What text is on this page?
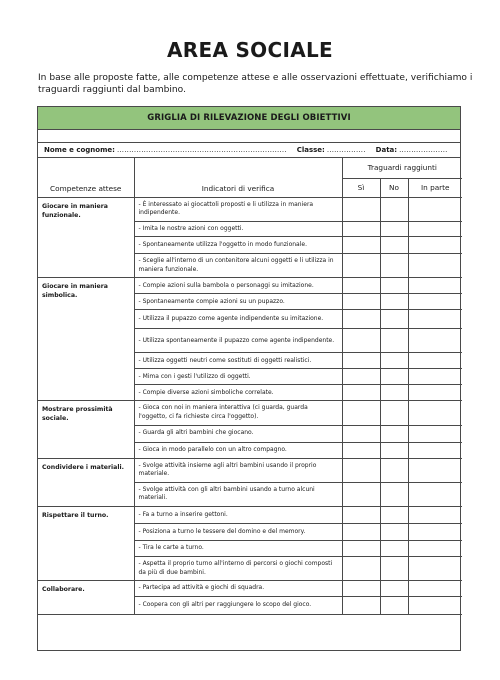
AREA SOCIALE

In base alle proposte fatte, alle competenze attese e alle osservazioni effettuate, verifichiamo i traguardi raggiunti dal bambino.

GRIGLIA DI RILEVAZIONE DEGLI OBIETTIVI
Nome e cognome: ...................................................................... Classe: ................ Data: ....................
Competenze attese	Indicatori di verifica	Traguardi raggiunti		
		Sì	No	In parte
Giocare in maniera funzionale.	- È interessato ai giocattoli proposti e li utilizza in maniera indipendente.			
	- Imita le nostre azioni con oggetti.			
	- Spontaneamente utilizza l'oggetto in modo funzionale.			
	- Sceglie all'interno di un contenitore alcuni oggetti e li utilizza in maniera funzionale.			
Giocare in maniera simbolica.	- Compie azioni sulla bambola o personaggi su imitazione.			
	- Spontaneamente compie azioni su un pupazzo.			
	- Utilizza il pupazzo come agente indipendente su imitazione.			
	- Utilizza spontaneamente il pupazzo come agente indipendente.			
	- Utilizza oggetti neutri come sostituti di oggetti realistici.			
	- Mima con i gesti l'utilizzo di oggetti.			
	- Compie diverse azioni simboliche correlate.			
Mostrare prossimità sociale.	- Gioca con noi in maniera interattiva (ci guarda, guarda l'oggetto, ci fa richieste circa l'oggetto).			
	- Guarda gli altri bambini che giocano.			
	- Gioca in modo parallelo con un altro compagno.			
Condividere i materiali.	- Svolge attività insieme agli altri bambini usando il proprio materiale.			
	- Svolge attività con gli altri bambini usando a turno alcuni materiali.			
Rispettare il turno.	- Fa a turno a inserire gettoni.			
	- Posiziona a turno le tessere del domino e del memory.			
	- Tira le carte a turno.			
	- Aspetta il proprio turno all'interno di percorsi o giochi composti da più di due bambini.			
Collaborare.	- Partecipa ad attività e giochi di squadra.			
	- Coopera con gli altri per raggiungere lo scopo del gioco.			
